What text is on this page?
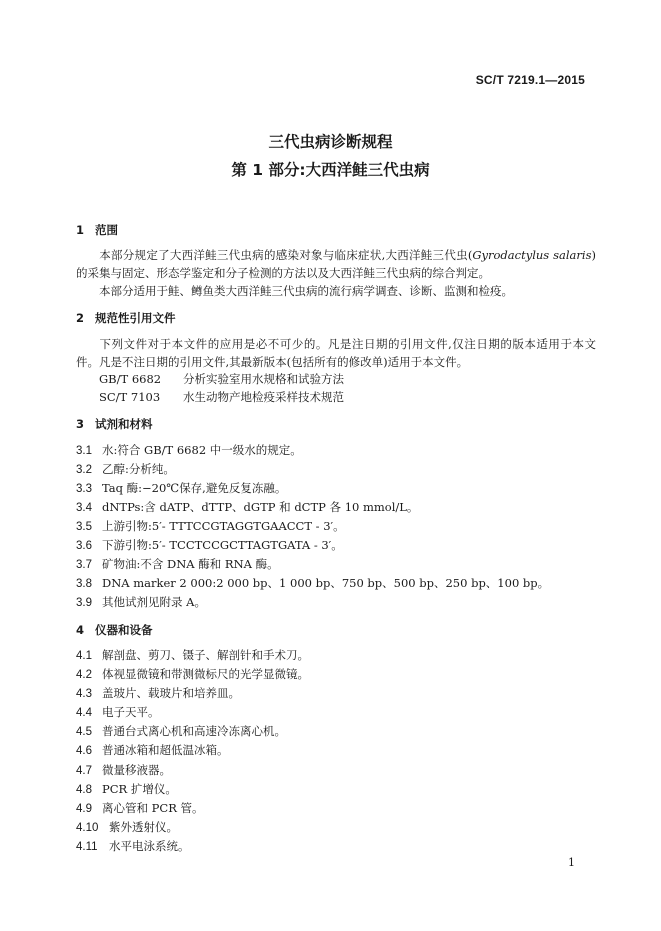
SC/T 7219.1—2015
三代虫病诊断规程
第 1 部分:大西洋鲑三代虫病
1 范围
本部分规定了大西洋鲑三代虫病的感染对象与临床症状,大西洋鲑三代虫(Gyrodactylus salaris)的采集与固定、形态学鉴定和分子检测的方法以及大西洋鲑三代虫病的综合判定。
本部分适用于鲑、鳟鱼类大西洋鲑三代虫病的流行病学调查、诊断、监测和检疫。
2 规范性引用文件
下列文件对于本文件的应用是必不可少的。凡是注日期的引用文件,仅注日期的版本适用于本文件。凡是不注日期的引用文件,其最新版本(包括所有的修改单)适用于本文件。
GB/T 6682 分析实验室用水规格和试验方法
SC/T 7103 水生动物产地检疫采样技术规范
3 试剂和材料
3.1 水:符合 GB/T 6682 中一级水的规定。
3.2 乙醇:分析纯。
3.3 Taq 酶:−20℃保存,避免反复冻融。
3.4 dNTPs:含 dATP、dTTP、dGTP 和 dCTP 各 10 mmol/L。
3.5 上游引物:5′- TTTCCGTAGGTGAACCT - 3′。
3.6 下游引物:5′- TCCTCCGCTTAGTGATA - 3′。
3.7 矿物油:不含 DNA 酶和 RNA 酶。
3.8 DNA marker 2 000:2 000 bp、1 000 bp、750 bp、500 bp、250 bp、100 bp。
3.9 其他试剂见附录 A。
4 仪器和设备
4.1 解剖盘、剪刀、镊子、解剖针和手术刀。
4.2 体视显微镜和带测微标尺的光学显微镜。
4.3 盖玻片、载玻片和培养皿。
4.4 电子天平。
4.5 普通台式离心机和高速冷冻离心机。
4.6 普通冰箱和超低温冰箱。
4.7 微量移液器。
4.8 PCR 扩增仪。
4.9 离心管和 PCR 管。
4.10 紫外透射仪。
4.11 水平电泳系统。
1
